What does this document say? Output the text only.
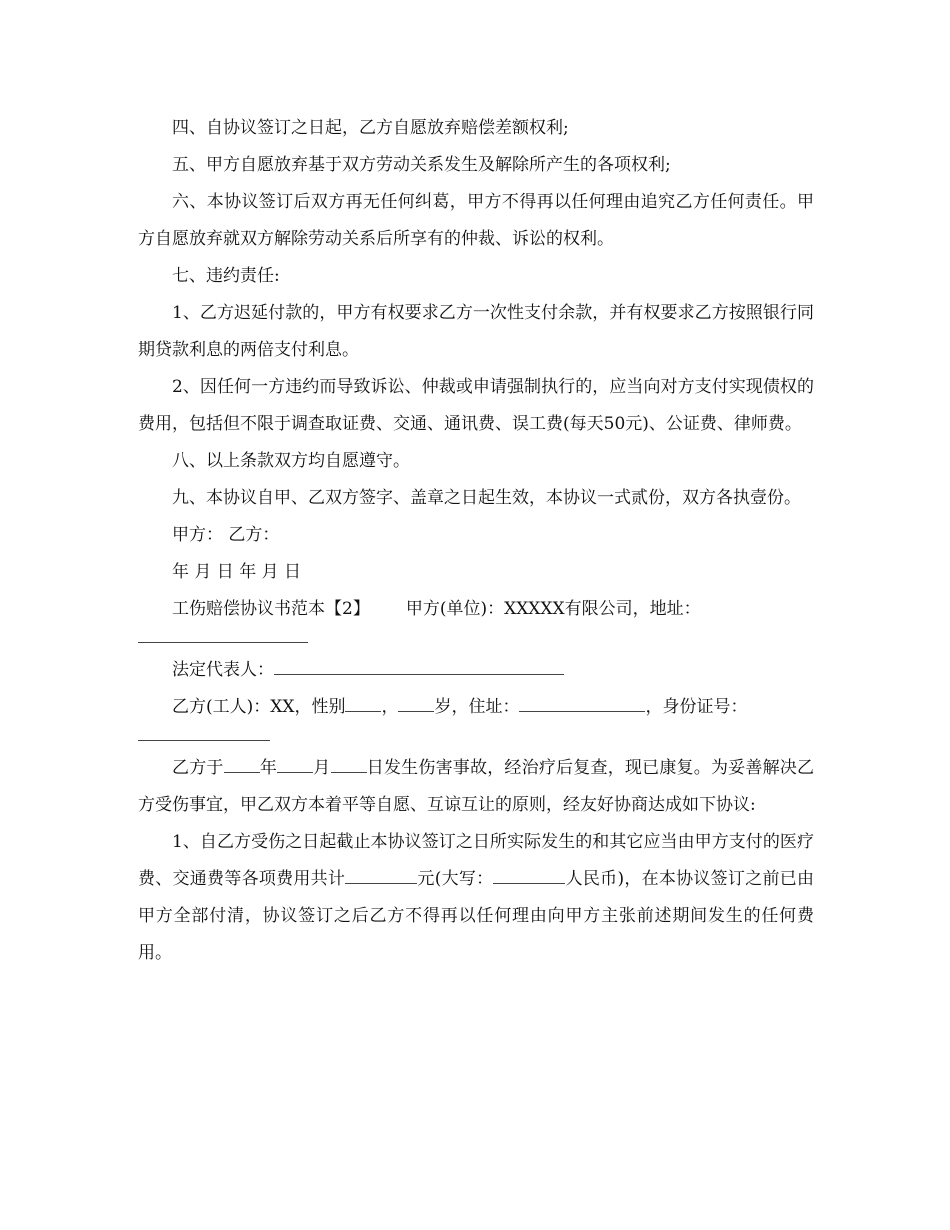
四、自协议签订之日起，乙方自愿放弃赔偿差额权利;

五、甲方自愿放弃基于双方劳动关系发生及解除所产生的各项权利;

六、本协议签订后双方再无任何纠葛，甲方不得再以任何理由追究乙方任何责任。甲方自愿放弃就双方解除劳动关系后所享有的仲裁、诉讼的权利。

七、违约责任:

1、乙方迟延付款的，甲方有权要求乙方一次性支付余款，并有权要求乙方按照银行同期贷款利息的两倍支付利息。

2、因任何一方违约而导致诉讼、仲裁或申请强制执行的，应当向对方支付实现债权的费用，包括但不限于调查取证费、交通、通讯费、误工费(每天50元)、公证费、律师费。

八、以上条款双方均自愿遵守。

九、本协议自甲、乙双方签字、盖章之日起生效，本协议一式贰份，双方各执壹份。

甲方： 乙方：

年 月 日 年 月 日

工伤赔偿协议书范本【2】 甲方(单位)：XXXXX有限公司，地址：

法定代表人：

乙方(工人)：XX，性别 ， 岁，住址：	，身份证号：

乙方于 年 月 日发生伤害事故，经治疗后复查，现已康复。为妥善解决乙方受伤事宜，甲乙双方本着平等自愿、互谅互让的原则，经友好协商达成如下协议:

1、自乙方受伤之日起截止本协议签订之日所实际发生的和其它应当由甲方支付的医疗费、交通费等各项费用共计	元(大写：	人民币)，在本协议签订之前已由甲方全部付清，协议签订之后乙方不得再以任何理由向甲方主张前述期间发生的任何费用。
